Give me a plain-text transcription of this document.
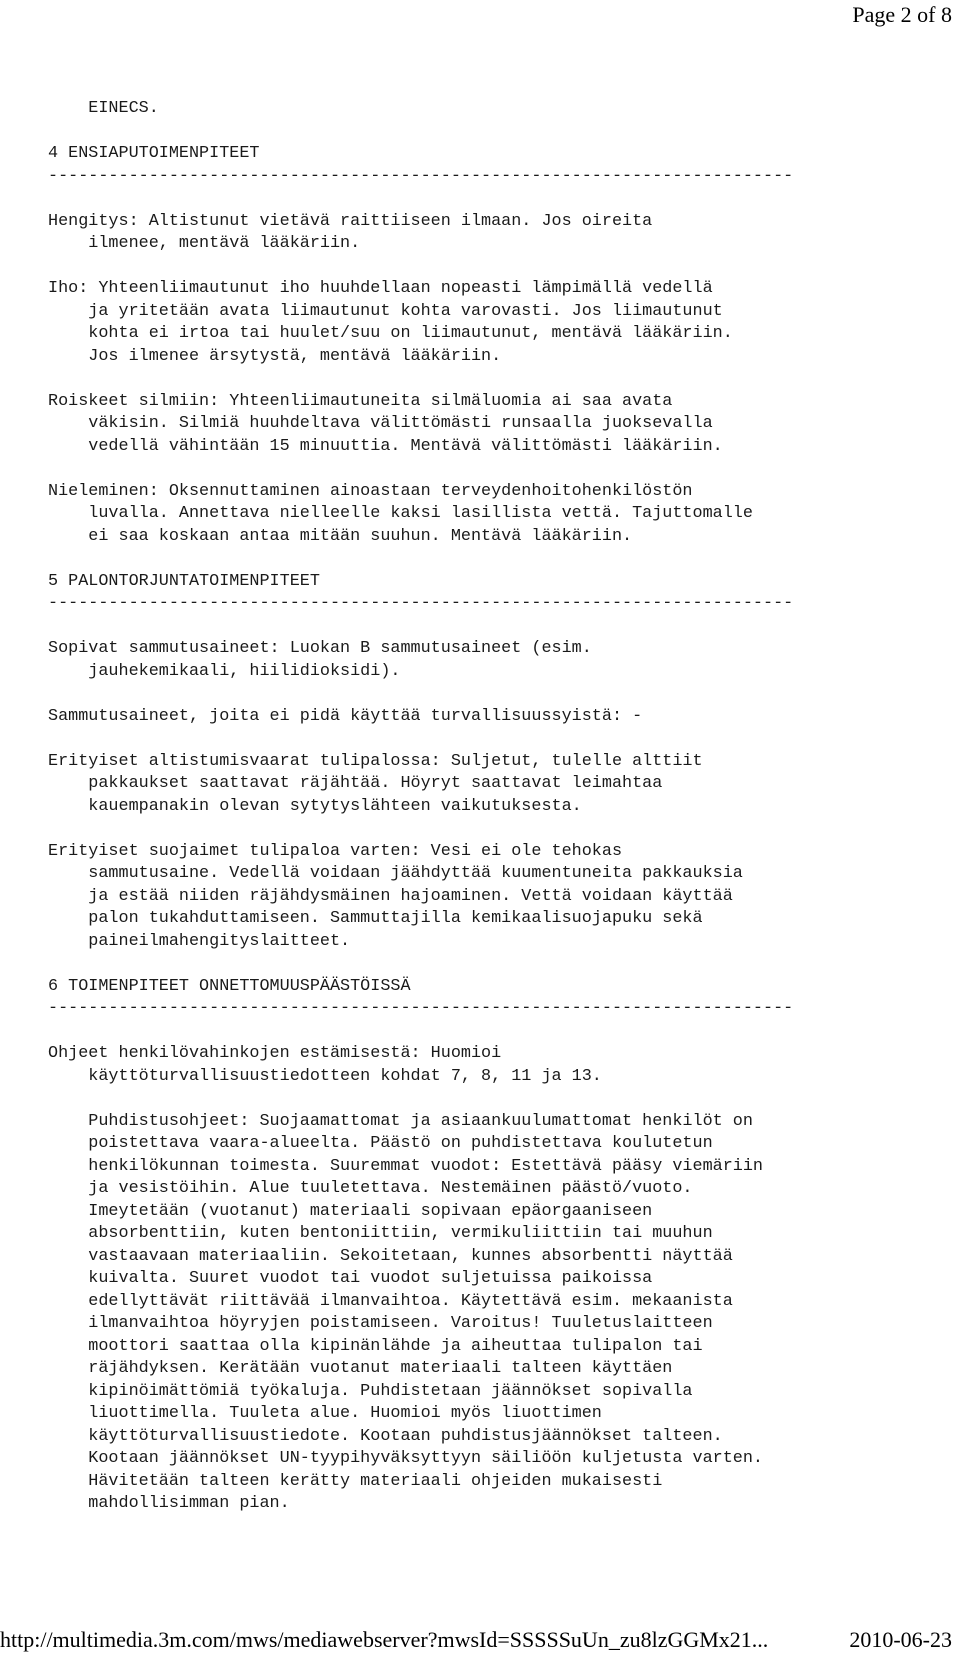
Page 2 of 8
EINECS.
4 ENSIAPUTOIMENPITEET
--------------------------------------------------------------------------
Hengitys: Altistunut vietävä raittiiseen ilmaan. Jos oireita
ilmenee, mentävä lääkäriin.
Iho: Yhteenliimautunut iho huuhdellaan nopeasti lämpimällä vedellä
ja yritetään avata liimautunut kohta varovasti. Jos liimautunut
kohta ei irtoa tai huulet/suu on liimautunut, mentävä lääkäriin.
Jos ilmenee ärsytystä, mentävä lääkäriin.
Roiskeet silmiin: Yhteenliimautuneita silmäluomia ai saa avata
väkisin. Silmiä huuhdeltava välittömästi runsaalla juoksevalla
vedellä vähintään 15 minuuttia. Mentävä välittömästi lääkäriin.
Nieleminen: Oksennuttaminen ainoastaan terveydenhoitohenkilöstön
luvalla. Annettava nielleelle kaksi lasillista vettä. Tajuttomalle
ei saa koskaan antaa mitään suuhun. Mentävä lääkäriin.
5 PALONTORJUNTATOIMENPITEET
--------------------------------------------------------------------------
Sopivat sammutusaineet: Luokan B sammutusaineet (esim.
jauhekemikaali, hiilidioksidi).
Sammutusaineet, joita ei pidä käyttää turvallisuussyistä: -
Erityiset altistumisvaarat tulipalossa: Suljetut, tulelle alttiit
pakkaukset saattavat räjähtää. Höyryt saattavat leimahtaa
kauempanakin olevan sytytyslähteen vaikutuksesta.
Erityiset suojaimet tulipaloa varten: Vesi ei ole tehokas
sammutusaine. Vedellä voidaan jäähdyttää kuumentuneita pakkauksia
ja estää niiden räjähdysmäinen hajoaminen. Vettä voidaan käyttää
palon tukahduttamiseen. Sammuttajilla kemikaalisuojapuku sekä
paineilmahengityslaitteet.
6 TOIMENPITEET ONNETTOMUUSPÄÄSTÖISSÄ
--------------------------------------------------------------------------
Ohjeet henkilövahinkojen estämisestä: Huomioi
käyttöturvallisuustiedotteen kohdat 7, 8, 11 ja 13.
Puhdistusohjeet: Suojaamattomat ja asiaankuulumattomat henkilöt on
poistettava vaara-alueelta. Päästö on puhdistettava koulutetun
henkilökunnan toimesta. Suuremmat vuodot: Estettävä pääsy viemäriin
ja vesistöihin. Alue tuuletettava. Nestemäinen päästö/vuoto.
Imeytetään (vuotanut) materiaali sopivaan epäorgaaniseen
absorbenttiin, kuten bentoniittiin, vermikuliittiin tai muuhun
vastaavaan materiaaliin. Sekoitetaan, kunnes absorbentti näyttää
kuivalta. Suuret vuodot tai vuodot suljetuissa paikoissa
edellyttävät riittävää ilmanvaihtoa. Käytettävä esim. mekaanista
ilmanvaihtoa höyryjen poistamiseen. Varoitus! Tuuletuslaitteen
moottori saattaa olla kipinänlähde ja aiheuttaa tulipalon tai
räjähdyksen. Kerätään vuotanut materiaali talteen käyttäen
kipinöimättömiä työkaluja. Puhdistetaan jäännökset sopivalla
liuottimella. Tuuleta alue. Huomioi myös liuottimen
käyttöturvallisuustiedote. Kootaan puhdistusjäännökset talteen.
Kootaan jäännökset UN-tyypihyväksyttyyn säiliöön kuljetusta varten.
Hävitetään talteen kerätty materiaali ohjeiden mukaisesti
mahdollisimman pian.
http://multimedia.3m.com/mws/mediawebserver?mwsId=SSSSSuUn_zu8lzGGMx21...	2010-06-23
